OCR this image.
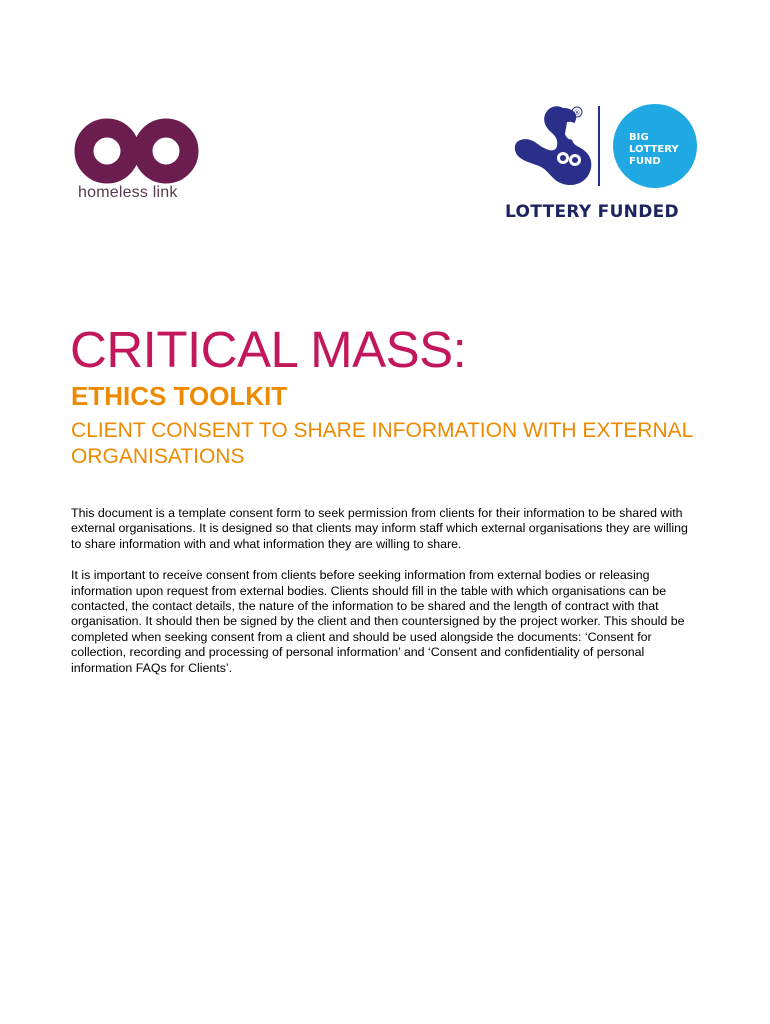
homeless link
®
BIG
LOTTERY
FUND
LOTTERY FUNDED
CRITICAL MASS:
ETHICS TOOLKIT
CLIENT CONSENT TO SHARE INFORMATION WITH EXTERNAL ORGANISATIONS

This document is a template consent form to seek permission from clients for their information to be shared with external organisations. It is designed so that clients may inform staff which external organisations they are willing to share information with and what information they are willing to share.

It is important to receive consent from clients before seeking information from external bodies or releasing information upon request from external bodies. Clients should fill in the table with which organisations can be contacted, the contact details, the nature of the information to be shared and the length of contract with that organisation. It should then be signed by the client and then countersigned by the project worker. This should be completed when seeking consent from a client and should be used alongside the documents: ‘Consent for collection, recording and processing of personal information’ and ‘Consent and confidentiality of personal information FAQs for Clients’.
